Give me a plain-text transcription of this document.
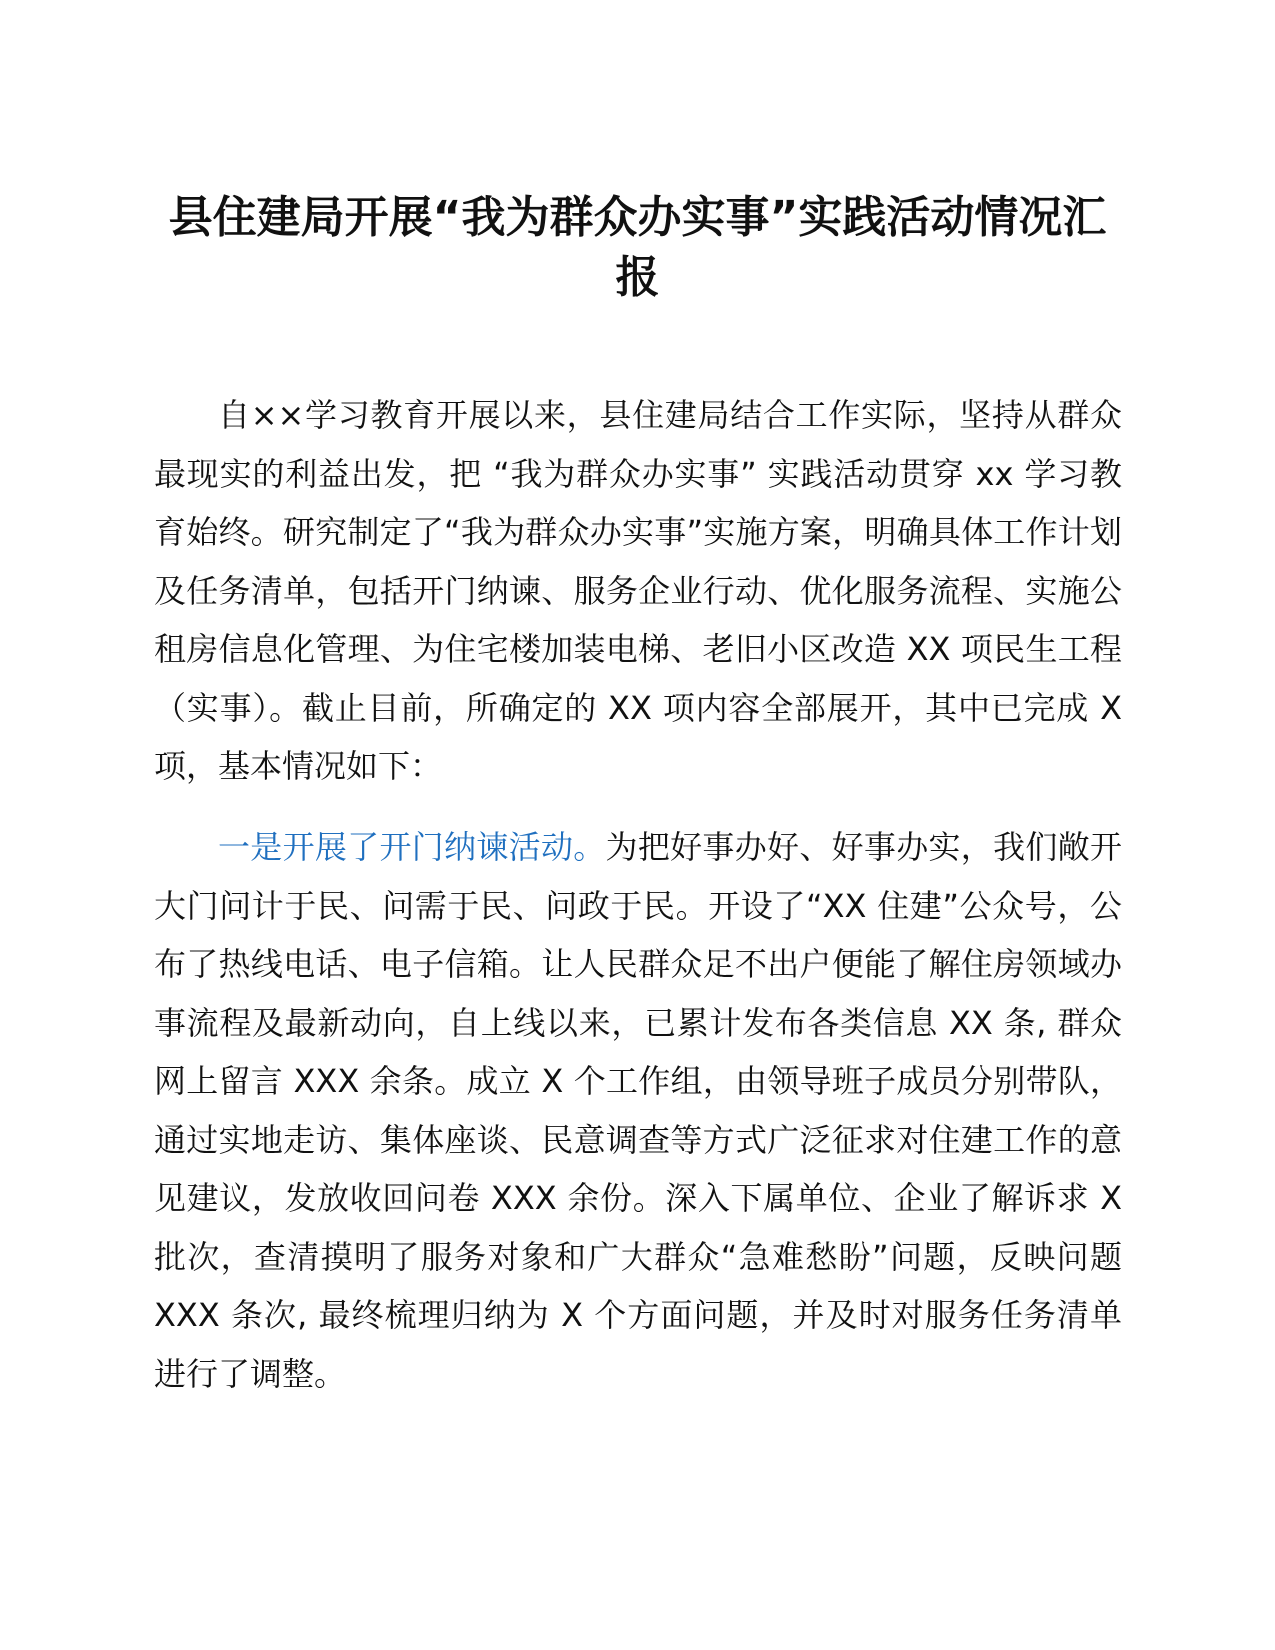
县住建局开展“我为群众办实事”实践活动情况汇报

自××学习教育开展以来，县住建局结合工作实际，坚持从群众最现实的利益出发，把 “我为群众办实事” 实践活动贯穿 xx 学习教育始终。研究制定了“我为群众办实事”实施方案，明确具体工作计划及任务清单，包括开门纳谏、服务企业行动、优化服务流程、实施公租房信息化管理、为住宅楼加装电梯、老旧小区改造 XX 项民生工程（实事）。截止目前，所确定的 XX 项内容全部展开，其中已完成 X 项，基本情况如下：

一是开展了开门纳谏活动。为把好事办好、好事办实，我们敞开大门问计于民、问需于民、问政于民。开设了“XX 住建”公众号，公布了热线电话、电子信箱。让人民群众足不出户便能了解住房领域办事流程及最新动向，自上线以来，已累计发布各类信息 XX 条, 群众网上留言 XXX 余条。成立 X 个工作组，由领导班子成员分别带队，通过实地走访、集体座谈、民意调查等方式广泛征求对住建工作的意见建议，发放收回问卷 XXX 余份。深入下属单位、企业了解诉求 X 批次，查清摸明了服务对象和广大群众“急难愁盼”问题，反映问题 XXX 条次, 最终梳理归纳为 X 个方面问题，并及时对服务任务清单进行了调整。
